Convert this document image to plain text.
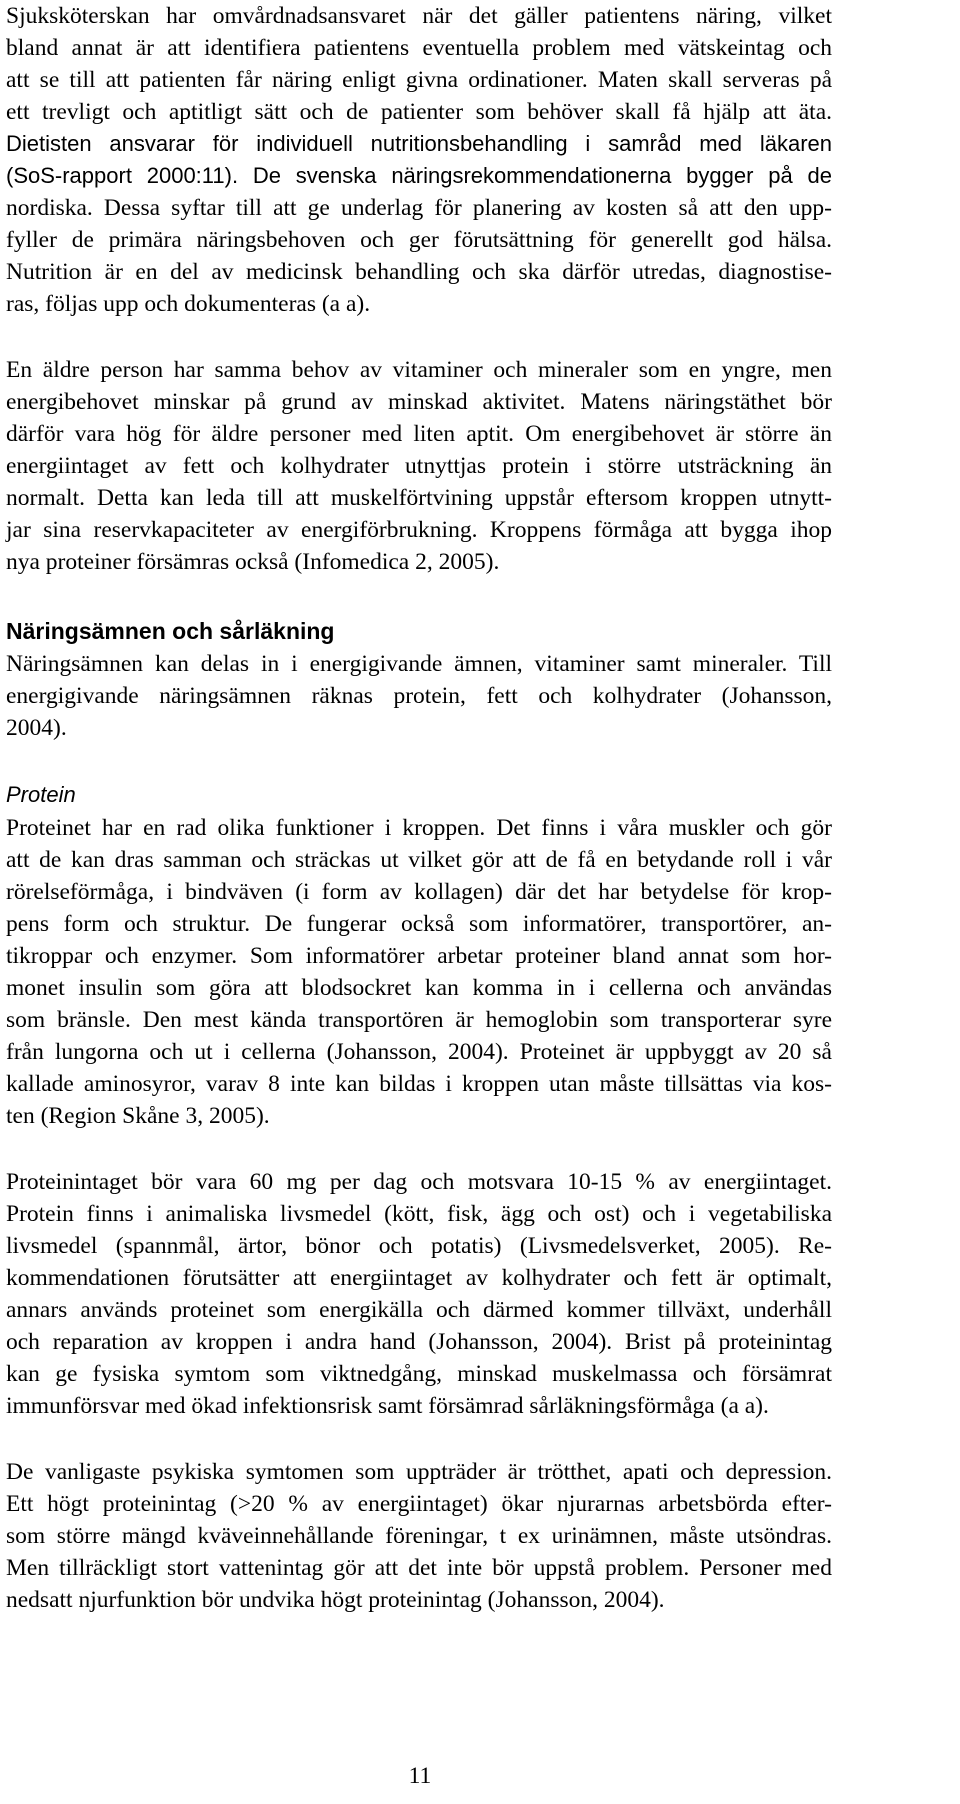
Sjuksköterskan har omvårdnadsansvaret när det gäller patientens näring, vilket
bland annat är att identifiera patientens eventuella problem med vätskeintag och
att se till att patienten får näring enligt givna ordinationer. Maten skall serveras på
ett trevligt och aptitligt sätt och de patienter som behöver skall få hjälp att äta.
Dietisten ansvarar för individuell nutritionsbehandling i samråd med läkaren
(SoS-rapport 2000:11). De svenska näringsrekommendationerna bygger på de
nordiska. Dessa syftar till att ge underlag för planering av kosten så att den upp-
fyller de primära näringsbehoven och ger förutsättning för generellt god hälsa.
Nutrition är en del av medicinsk behandling och ska därför utredas, diagnostise-
ras, följas upp och dokumenteras (a a).
En äldre person har samma behov av vitaminer och mineraler som en yngre, men
energibehovet minskar på grund av minskad aktivitet. Matens näringstäthet bör
därför vara hög för äldre personer med liten aptit. Om energibehovet är större än
energiintaget av fett och kolhydrater utnyttjas protein i större utsträckning än
normalt. Detta kan leda till att muskelförtvining uppstår eftersom kroppen utnytt-
jar sina reservkapaciteter av energiförbrukning. Kroppens förmåga att bygga ihop
nya proteiner försämras också (Infomedica 2, 2005).
Näringsämnen och sårläkning
Näringsämnen kan delas in i energigivande ämnen, vitaminer samt mineraler. Till
energigivande näringsämnen räknas protein, fett och kolhydrater (Johansson,
2004).
Protein
Proteinet har en rad olika funktioner i kroppen. Det finns i våra muskler och gör
att de kan dras samman och sträckas ut vilket gör att de få en betydande roll i vår
rörelseförmåga, i bindväven (i form av kollagen) där det har betydelse för krop-
pens form och struktur. De fungerar också som informatörer, transportörer, an-
tikroppar och enzymer. Som informatörer arbetar proteiner bland annat som hor-
monet insulin som göra att blodsockret kan komma in i cellerna och användas
som bränsle. Den mest kända transportören är hemoglobin som transporterar syre
från lungorna och ut i cellerna (Johansson, 2004). Proteinet är uppbyggt av 20 så
kallade aminosyror, varav 8 inte kan bildas i kroppen utan måste tillsättas via kos-
ten (Region Skåne 3, 2005).
Proteinintaget bör vara 60 mg per dag och motsvara 10-15 % av energiintaget.
Protein finns i animaliska livsmedel (kött, fisk, ägg och ost) och i vegetabiliska
livsmedel (spannmål, ärtor, bönor och potatis) (Livsmedelsverket, 2005). Re-
kommendationen förutsätter att energiintaget av kolhydrater och fett är optimalt,
annars används proteinet som energikälla och därmed kommer tillväxt, underhåll
och reparation av kroppen i andra hand (Johansson, 2004). Brist på proteinintag
kan ge fysiska symtom som viktnedgång, minskad muskelmassa och försämrat
immunförsvar med ökad infektionsrisk samt försämrad sårläkningsförmåga (a a).
De vanligaste psykiska symtomen som uppträder är trötthet, apati och depression.
Ett högt proteinintag (>20 % av energiintaget) ökar njurarnas arbetsbörda efter-
som större mängd kväveinnehållande föreningar, t ex urinämnen, måste utsöndras.
Men tillräckligt stort vattenintag gör att det inte bör uppstå problem. Personer med
nedsatt njurfunktion bör undvika högt proteinintag (Johansson, 2004).
11
